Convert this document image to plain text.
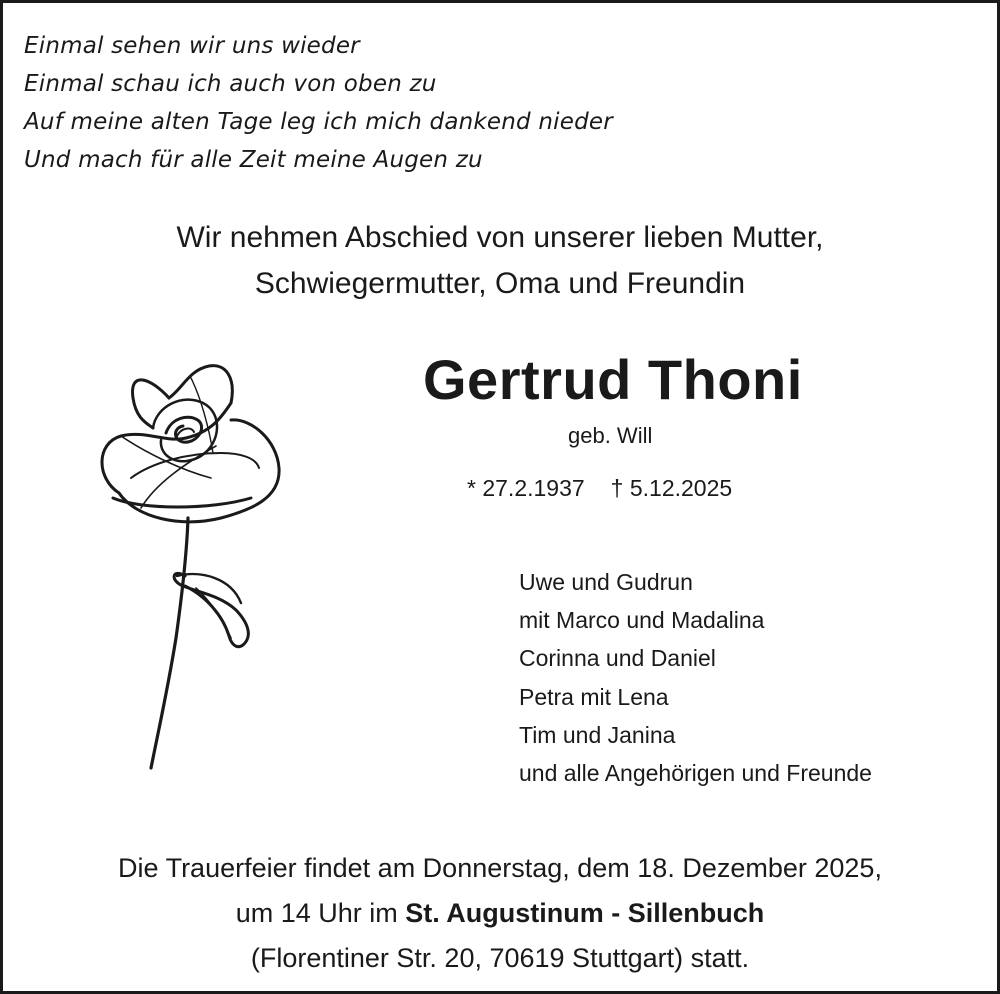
Einmal sehen wir uns wieder
Einmal schau ich auch von oben zu
Auf meine alten Tage leg ich mich dankend nieder
Und mach für alle Zeit meine Augen zu
Wir nehmen Abschied von unserer lieben Mutter,
Schwiegermutter, Oma und Freundin
Gertrud Thoni
geb. Will
* 27.2.1937 † 5.12.2025
Uwe und Gudrun
mit Marco und Madalina
Corinna und Daniel
Petra mit Lena
Tim und Janina
und alle Angehörigen und Freunde
Die Trauerfeier findet am Donnerstag, dem 18. Dezember 2025,
um 14 Uhr im St. Augustinum - Sillenbuch
(Florentiner Str. 20, 70619 Stuttgart) statt.
